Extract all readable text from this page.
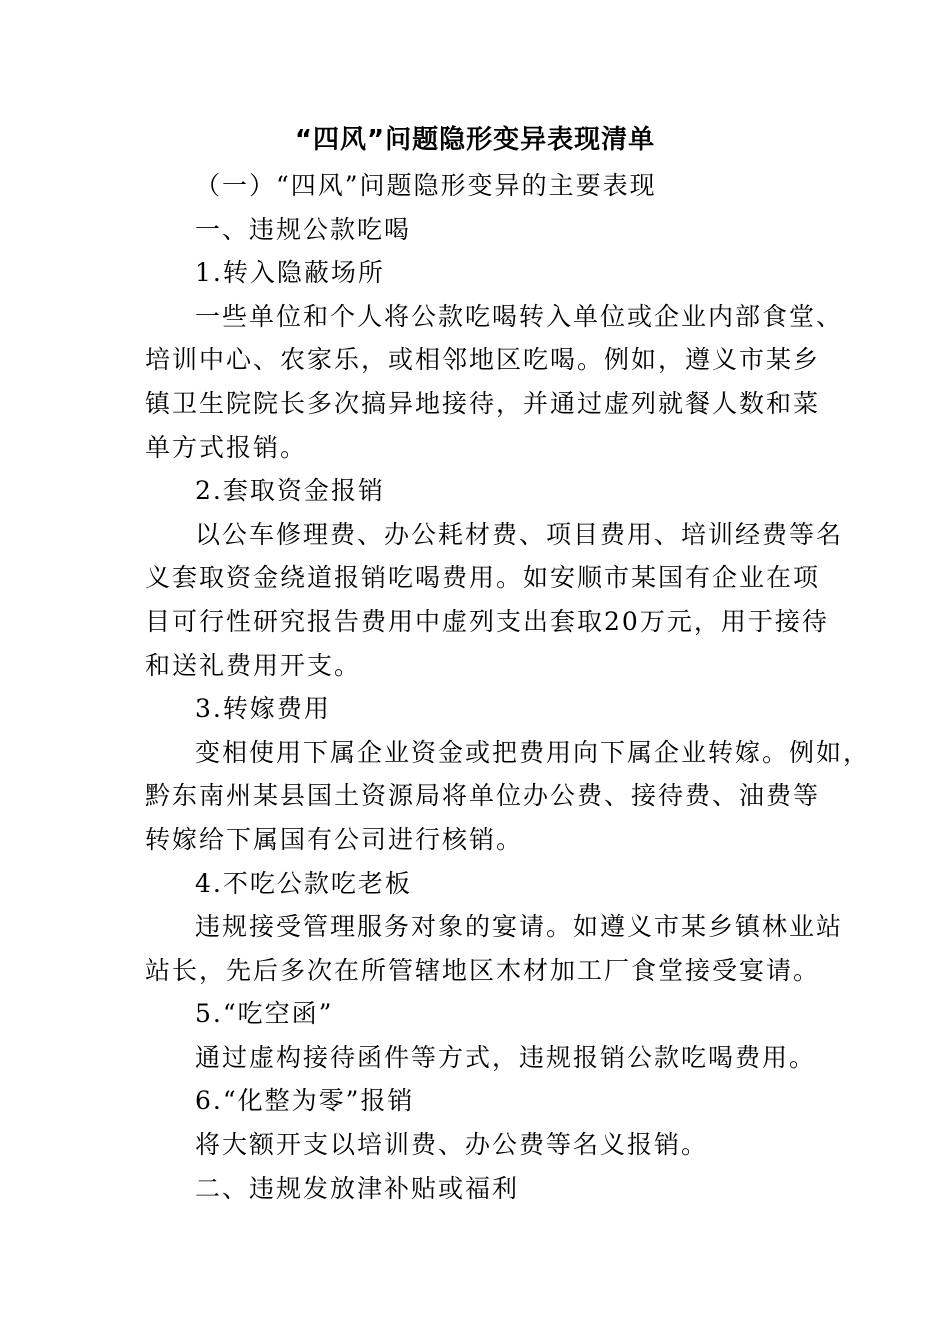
“四风”问题隐形变异表现清单
（一）“四风”问题隐形变异的主要表现
一、违规公款吃喝
1.转入隐蔽场所
一些单位和个人将公款吃喝转入单位或企业内部食堂、
培训中心、农家乐，或相邻地区吃喝。例如，遵义市某乡
镇卫生院院长多次搞异地接待，并通过虚列就餐人数和菜
单方式报销。
2.套取资金报销
以公车修理费、办公耗材费、项目费用、培训经费等名
义套取资金绕道报销吃喝费用。如安顺市某国有企业在项
目可行性研究报告费用中虚列支出套取20万元，用于接待
和送礼费用开支。
3.转嫁费用
变相使用下属企业资金或把费用向下属企业转嫁。例如，
黔东南州某县国土资源局将单位办公费、接待费、油费等
转嫁给下属国有公司进行核销。
4.不吃公款吃老板
违规接受管理服务对象的宴请。如遵义市某乡镇林业站
站长，先后多次在所管辖地区木材加工厂食堂接受宴请。
5.“吃空函”
通过虚构接待函件等方式，违规报销公款吃喝费用。
6.“化整为零”报销
将大额开支以培训费、办公费等名义报销。
二、违规发放津补贴或福利
